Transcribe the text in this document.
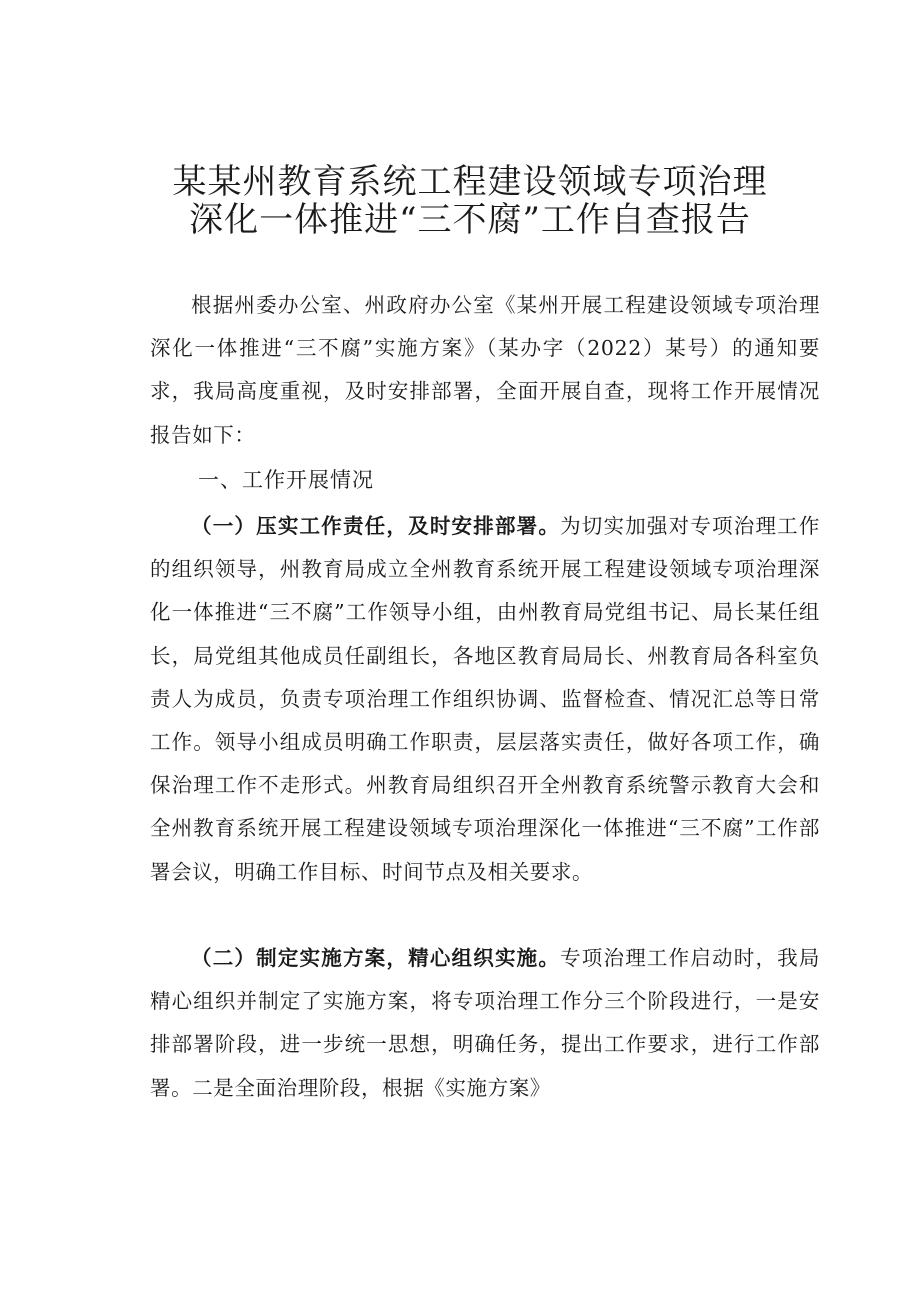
某某州教育系统工程建设领域专项治理
深化一体推进“三不腐”工作自查报告

根据州委办公室、州政府办公室《某州开展工程建设领域专项治理深化一体推进“三不腐”实施方案》（某办字（2022）某号）的通知要求，我局高度重视，及时安排部署，全面开展自查，现将工作开展情况报告如下：

一、工作开展情况

（一）压实工作责任，及时安排部署。为切实加强对专项治理工作的组织领导，州教育局成立全州教育系统开展工程建设领域专项治理深化一体推进“三不腐”工作领导小组，由州教育局党组书记、局长某任组长，局党组其他成员任副组长，各地区教育局局长、州教育局各科室负责人为成员，负责专项治理工作组织协调、监督检查、情况汇总等日常工作。领导小组成员明确工作职责，层层落实责任，做好各项工作，确保治理工作不走形式。州教育局组织召开全州教育系统警示教育大会和全州教育系统开展工程建设领域专项治理深化一体推进“三不腐”工作部署会议，明确工作目标、时间节点及相关要求。

（二）制定实施方案，精心组织实施。专项治理工作启动时，我局精心组织并制定了实施方案，将专项治理工作分三个阶段进行，一是安排部署阶段，进一步统一思想，明确任务，提出工作要求，进行工作部署。二是全面治理阶段，根据《实施方案》
